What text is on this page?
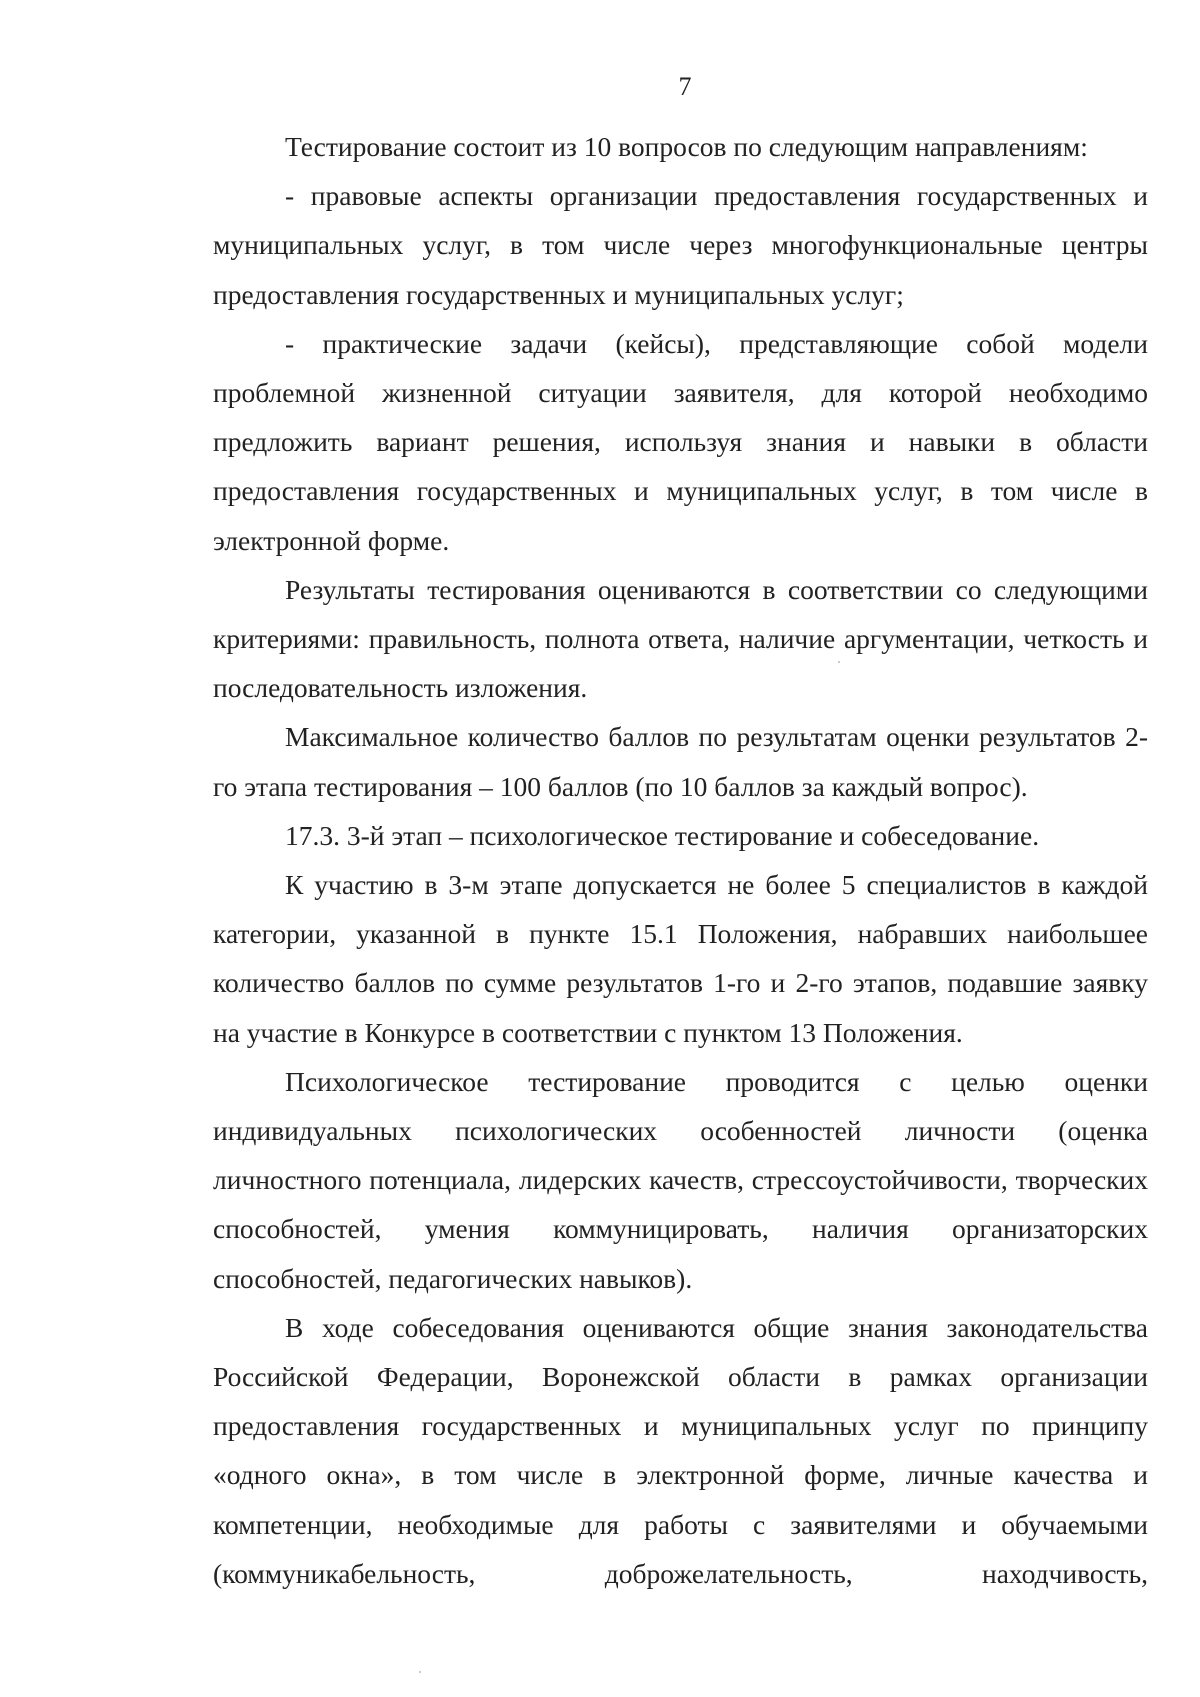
7

Тестирование состоит из 10 вопросов по следующим направлениям:

- правовые аспекты организации предоставления государственных и муниципальных услуг, в том числе через многофункциональные центры предоставления государственных и муниципальных услуг;

- практические задачи (кейсы), представляющие собой модели проблемной жизненной ситуации заявителя, для которой необходимо предложить вариант решения, используя знания и навыки в области предоставления государственных и муниципальных услуг, в том числе в электронной форме.

Результаты тестирования оцениваются в соответствии со следующими критериями: правильность, полнота ответа, наличие аргументации, четкость и последовательность изложения.

Максимальное количество баллов по результатам оценки результатов 2-го этапа тестирования – 100 баллов (по 10 баллов за каждый вопрос).

17.3. 3-й этап – психологическое тестирование и собеседование.

К участию в 3-м этапе допускается не более 5 специалистов в каждой категории, указанной в пункте 15.1 Положения, набравших наибольшее количество баллов по сумме результатов 1-го и 2-го этапов, подавшие заявку на участие в Конкурсе в соответствии с пунктом 13 Положения.

Психологическое тестирование проводится с целью оценки индивидуальных психологических особенностей личности (оценка личностного потенциала, лидерских качеств, стрессоустойчивости, творческих способностей, умения коммуницировать, наличия организаторских способностей, педагогических навыков).

В ходе собеседования оцениваются общие знания законодательства Российской Федерации, Воронежской области в рамках организации предоставления государственных и муниципальных услуг по принципу «одного окна», в том числе в электронной форме, личные качества и компетенции, необходимые для работы с заявителями и обучаемыми (коммуникабельность, доброжелательность, находчивость,
